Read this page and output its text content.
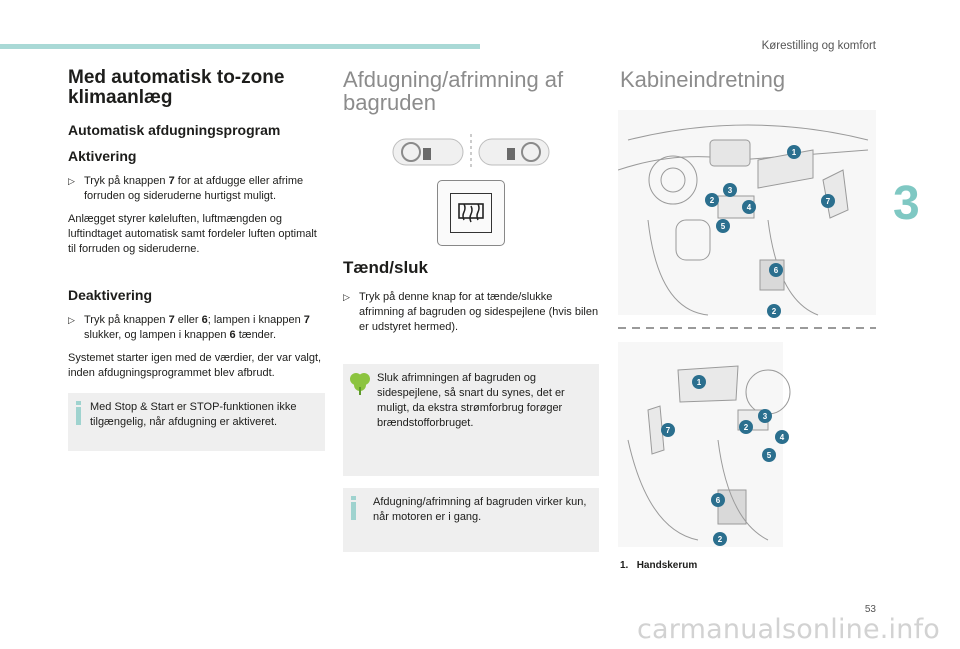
Kørestilling og komfort
3
53
carmanualsonline.info
Med automatisk to-zone klimaanlæg
Automatisk afdugningsprogram
Aktivering
▷ Tryk på knappen 7 for at afdugge eller afrime forruden og sideruderne hurtigst muligt.

Anlægget styrer køleluften, luftmængden og luftindtaget automatisk samt fordeler luften optimalt til forruden og sideruderne.

Deaktivering
▷ Tryk på knappen 7 eller 6; lampen i knappen 7 slukker, og lampen i knappen 6 tænder.

Systemet starter igen med de værdier, der var valgt, inden afdugningsprogrammet blev afbrudt.

Med Stop & Start er STOP-funktionen ikke tilgængelig, når afdugning er aktiveret.
Afdugning/afrimning af bagruden
Tænd/sluk
▷ Tryk på denne knap for at tænde/slukke afrimning af bagruden og sidespejlene (hvis bilen er udstyret hermed).
Sluk afrimningen af bagruden og sidespejlene, så snart du synes, det er muligt, da ekstra strømforbrug forøger brændstofforbruget.
Afdugning/afrimning af bagruden virker kun, når motoren er i gang.
Kabineindretning
1
2
3
4
5
6
7
2
1
2
3
4
5
6
7
2
1. Handskerum
